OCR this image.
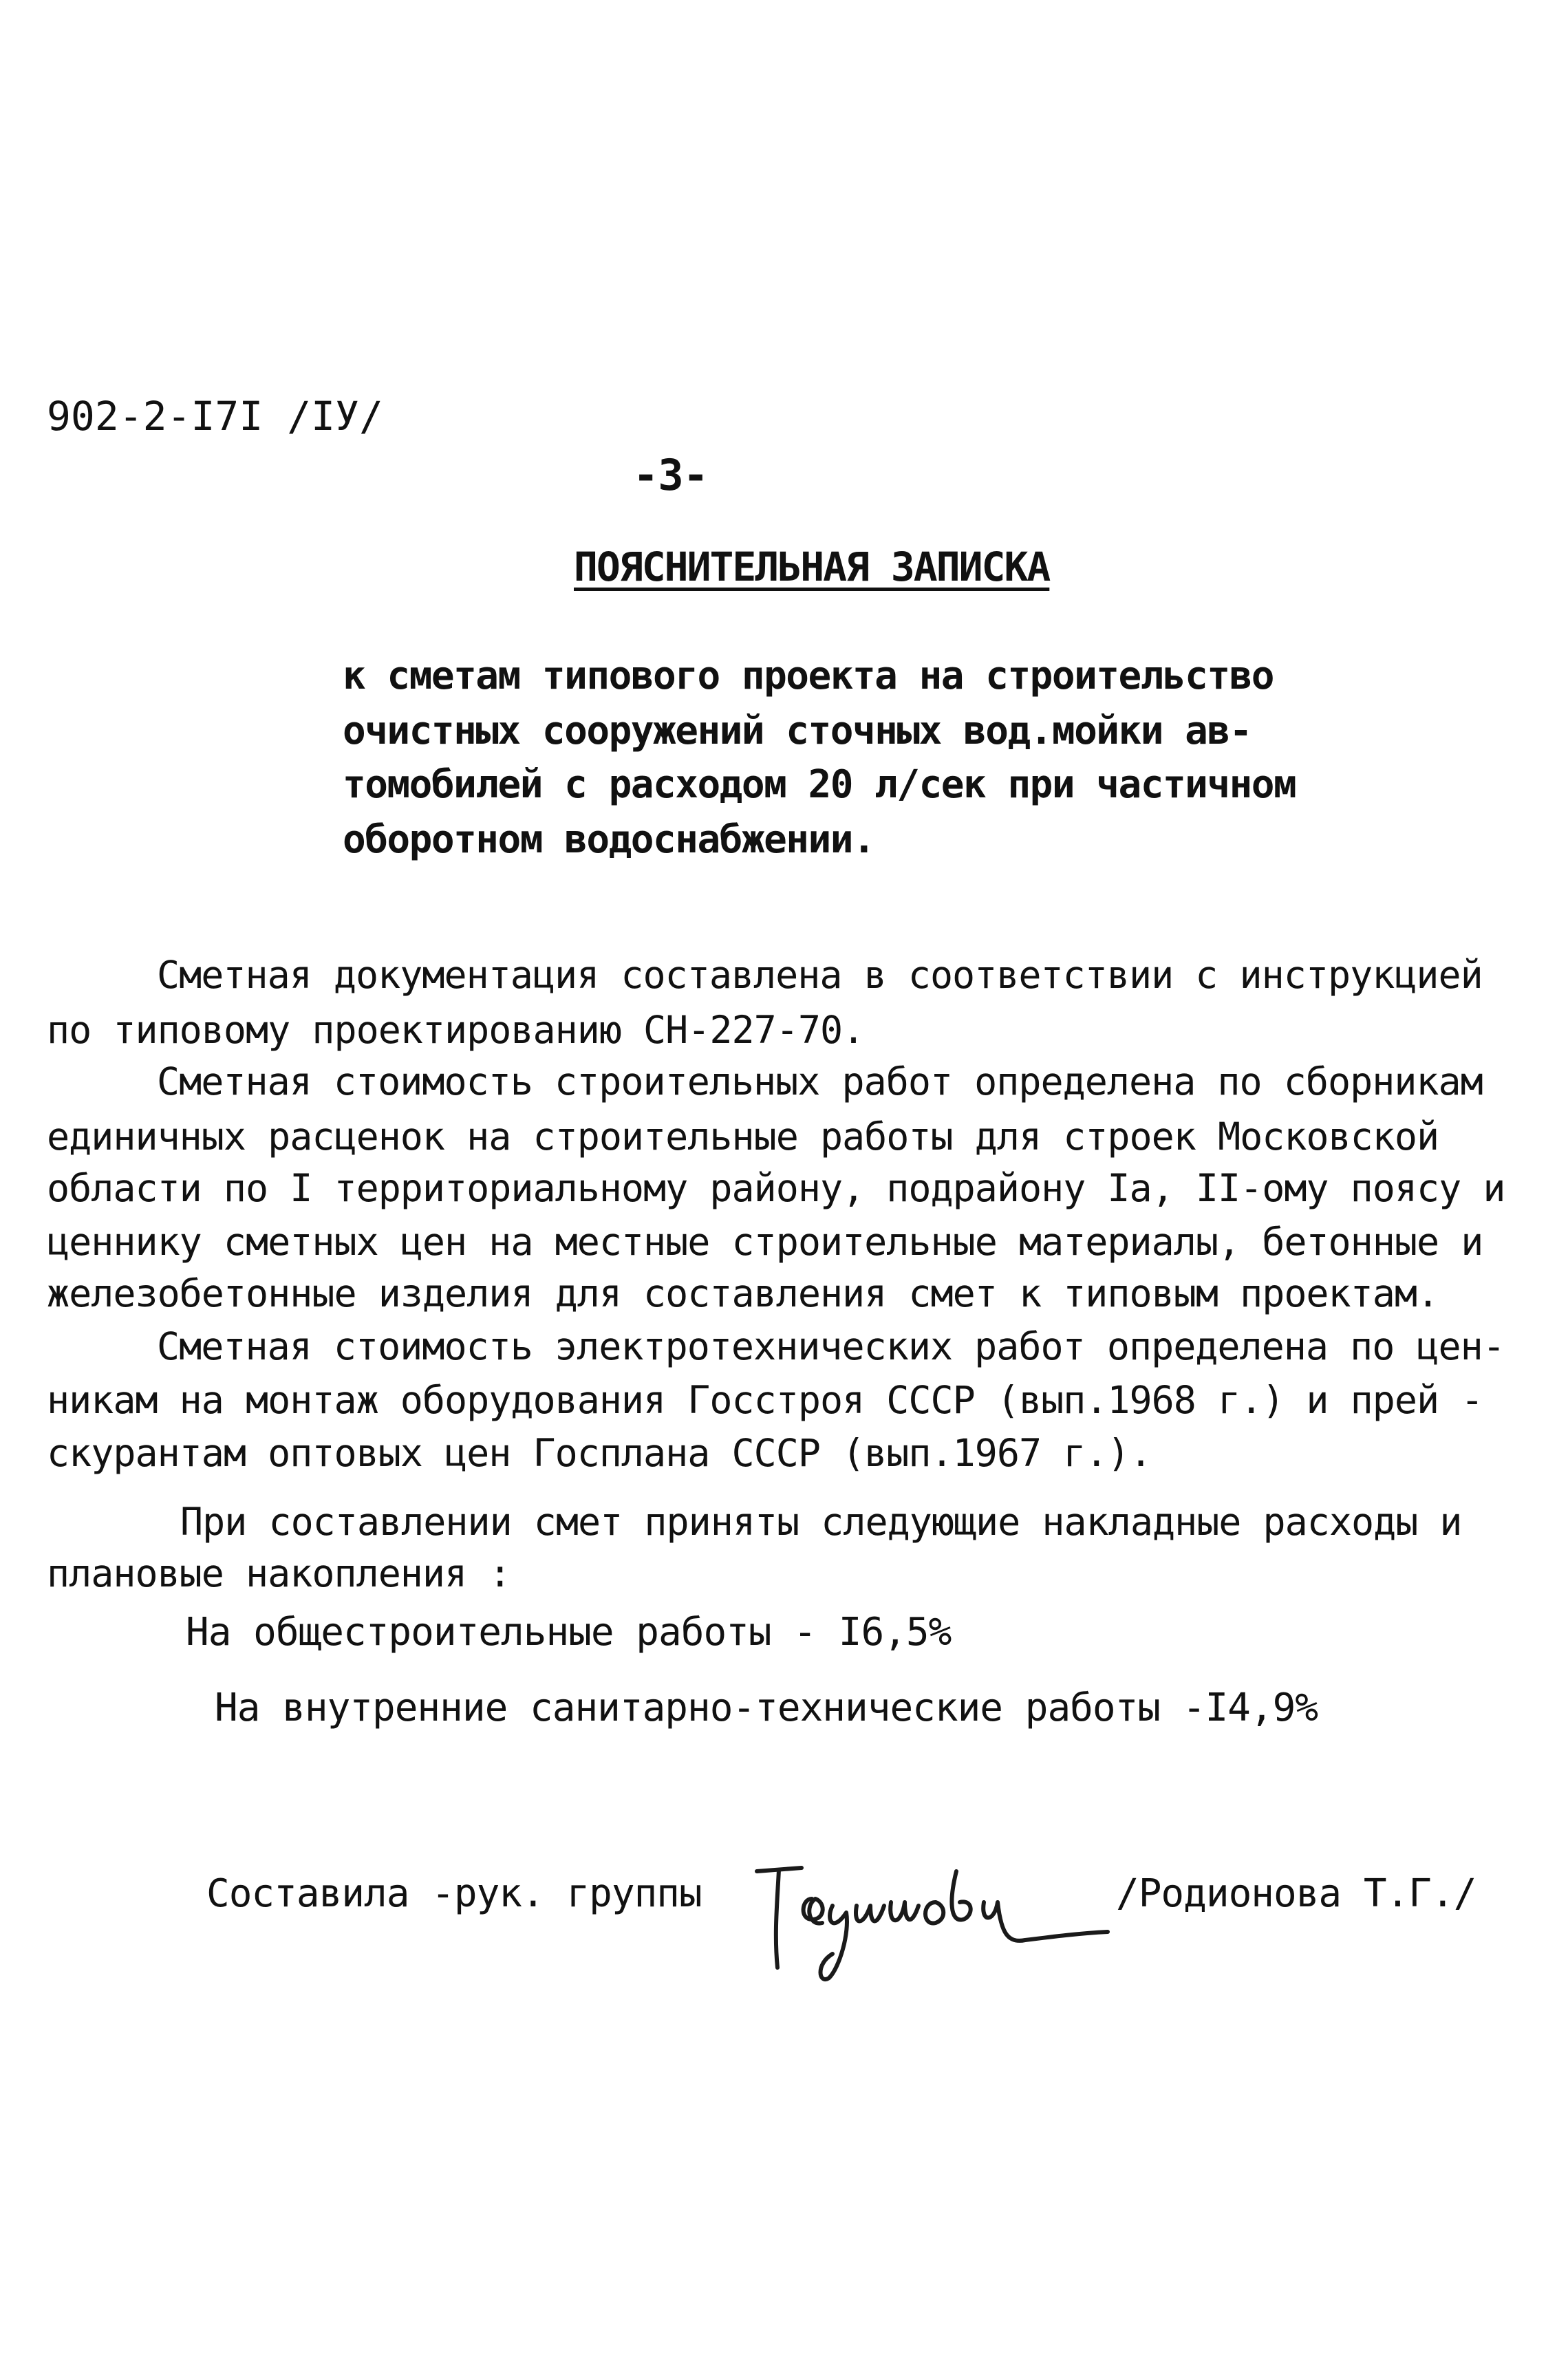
902-2-I7I /IУ/
-3-
ПОЯСНИТЕЛЬНАЯ ЗАПИСКА
к сметам типового проекта на строительство
очистных сооружений сточных вод.мойки ав-
томобилей с расходом 20 л/сек при частичном
оборотном водоснабжении.
Сметная документация составлена в соответствии с инструкцией
по типовому проектированию СН-227-70.
Сметная стоимость строительных работ определена по сборникам
единичных расценок на строительные работы для строек Московской
области по I территориальному району, подрайону Iа, II-ому поясу и
ценнику сметных цен на местные строительные материалы, бетонные и
железобетонные изделия для составления смет к типовым проектам.
Сметная стоимость электротехнических работ определена по цен-
никам на монтаж оборудования Госстроя СССР (вып.1968 г.) и прей -
скурантам оптовых цен Госплана СССР (вып.1967 г.).
При составлении смет приняты следующие накладные расходы и
плановые накопления :
На общестроительные работы - I6,5%
На внутренние санитарно-технические работы -I4,9%
Составила -рук. группы	/Родионова Т.Г./
